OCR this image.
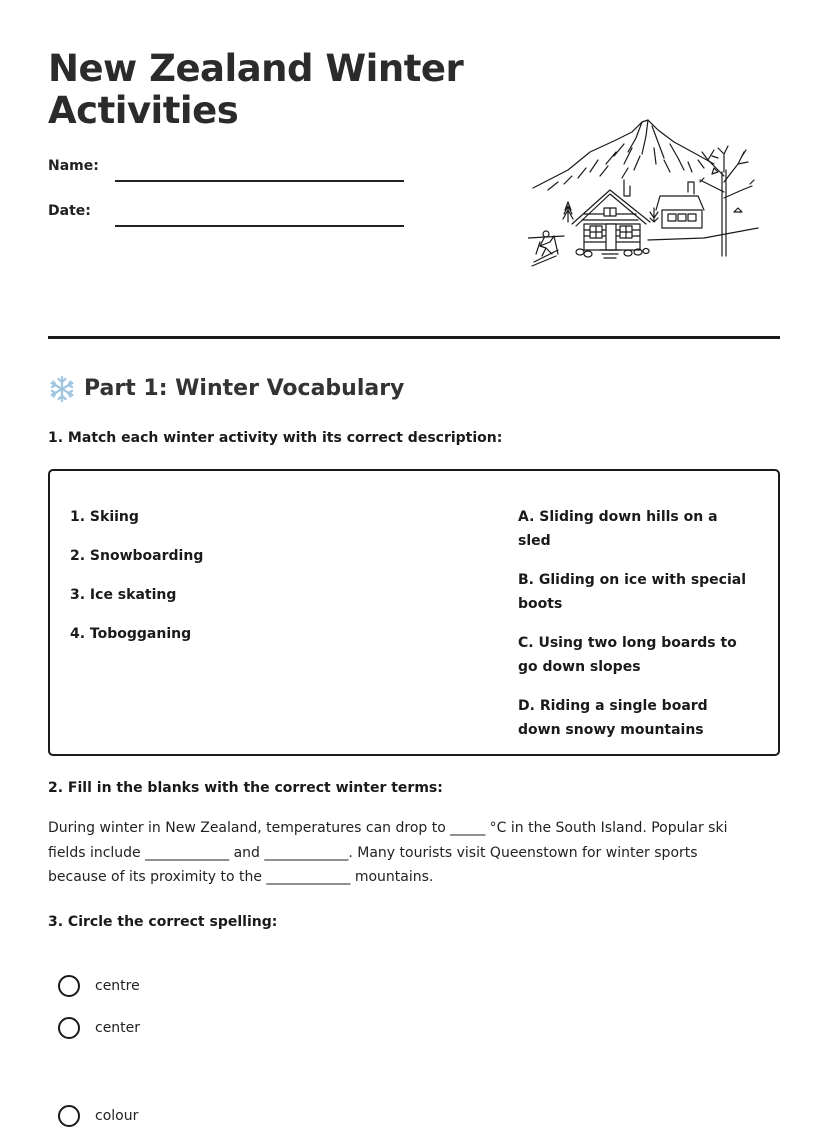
New Zealand Winter Activities
Name:
Date:
Part 1: Winter Vocabulary

1. Match each winter activity with its correct description:

1. Skiing
2. Snowboarding
3. Ice skating
4. Tobogganing
A. Sliding down hills on a sled
B. Gliding on ice with special boots
C. Using two long boards to go down slopes
D. Riding a single board down snowy mountains

2. Fill in the blanks with the correct winter terms:

During winter in New Zealand, temperatures can drop to _____ °C in the South Island. Popular ski fields include ____________ and ____________. Many tourists visit Queenstown for winter sports because of its proximity to the ____________ mountains.

3. Circle the correct spelling:

centre
center
colour
